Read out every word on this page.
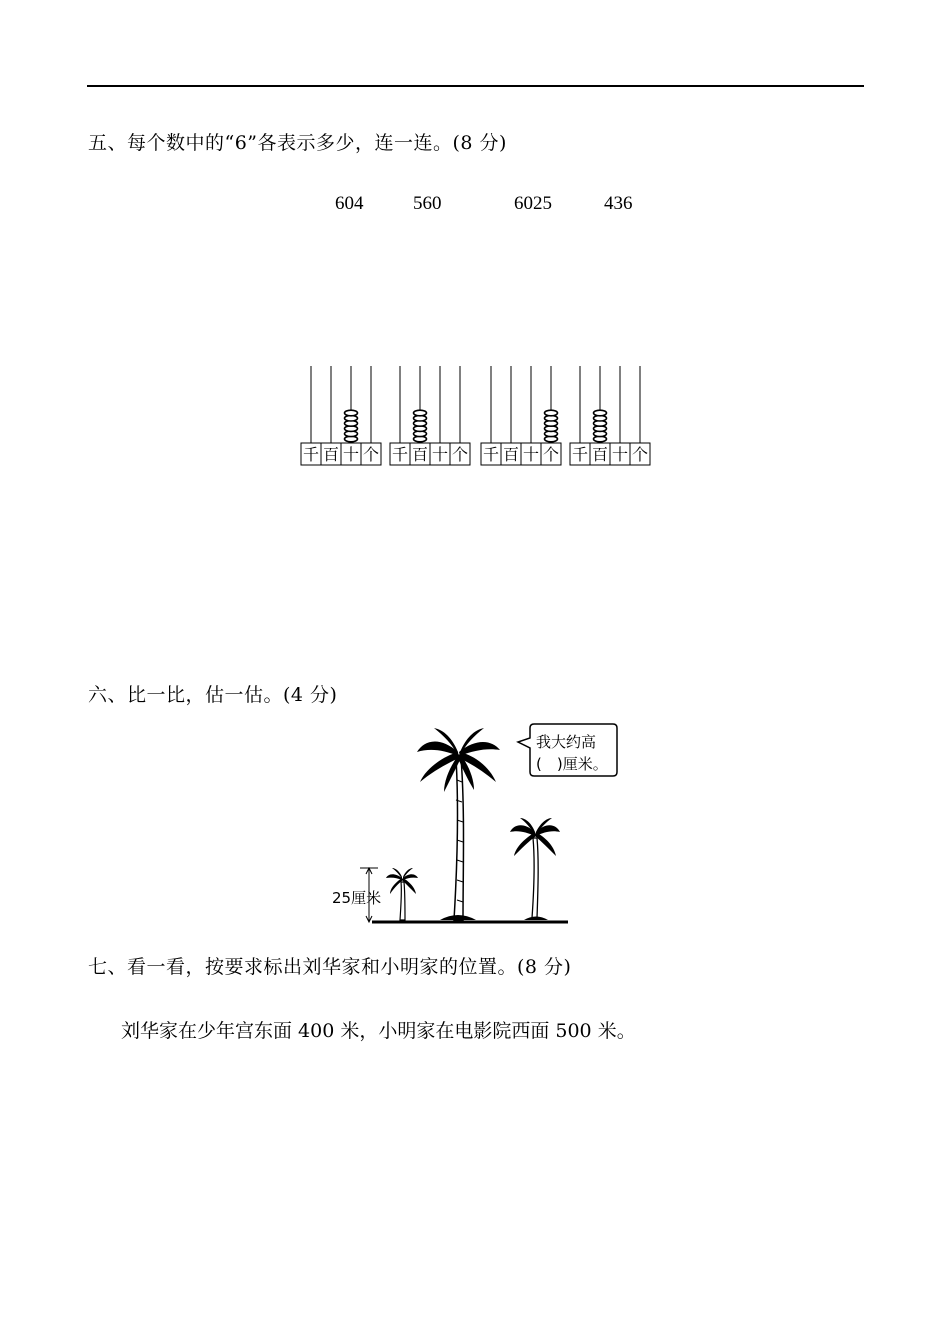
五、每个数中的“6”各表示多少，连一连。(8 分)
604	560	6025	436
千 百 十 个 千 百 十 个 千 百 十 个 千 百 十 个
六、比一比，估一估。(4 分)
25厘米
我大约高
(　)厘米。
七、看一看，按要求标出刘华家和小明家的位置。(8 分)
刘华家在少年宫东面 400 米，小明家在电影院西面 500 米。
